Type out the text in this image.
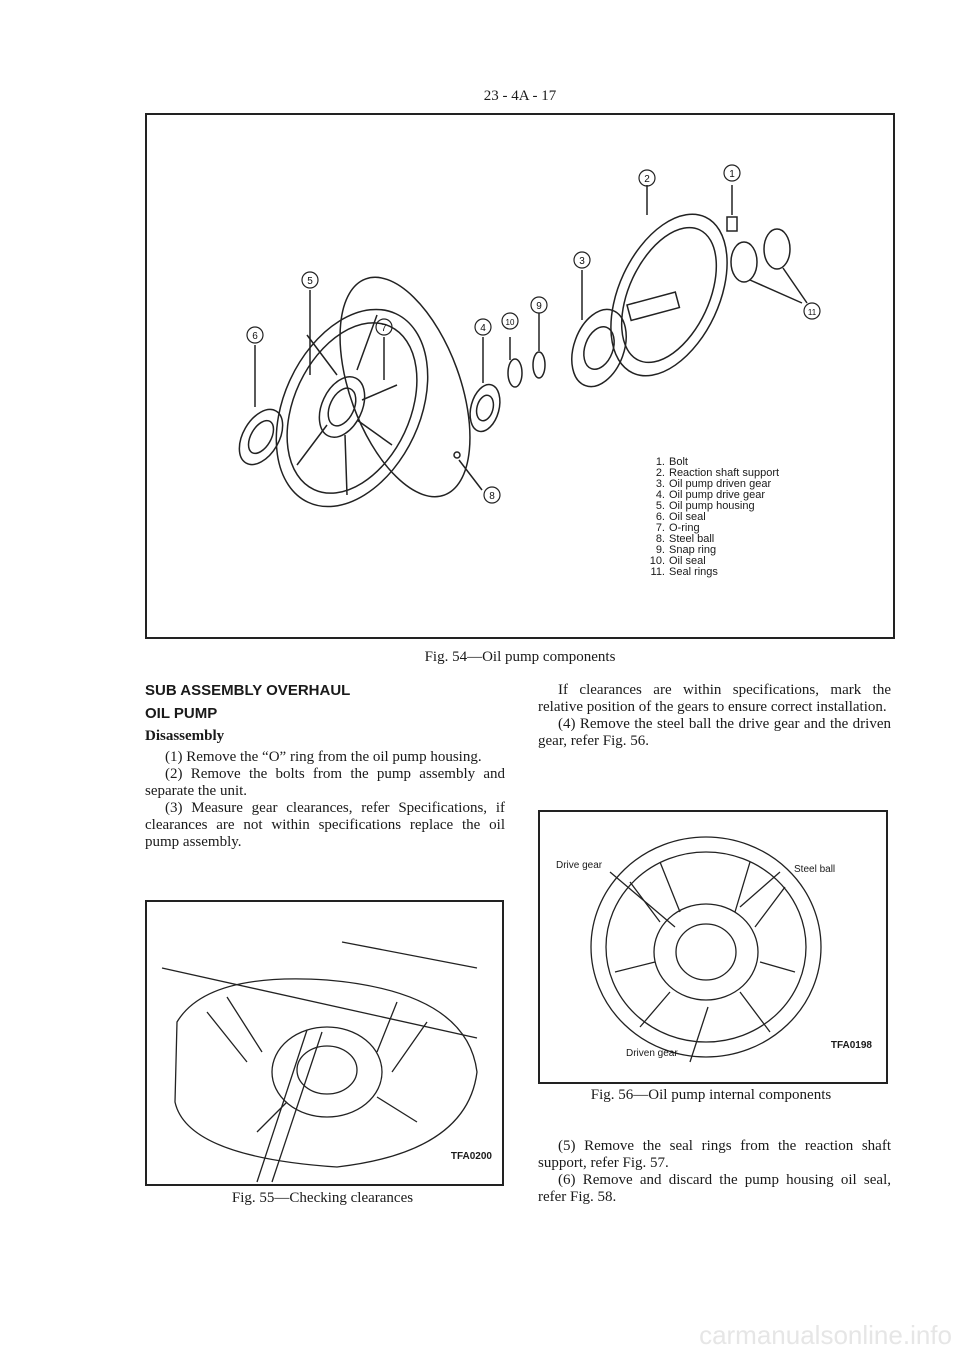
23 - 4A - 17
6
5
7
8
4
10
9
3
2	1
11
1. Bolt
2. Reaction shaft support
3. Oil pump driven gear
4. Oil pump drive gear
5. Oil pump housing
6. Oil seal
7. O-ring
8. Steel ball
9. Snap ring
10. Oil seal
11. Seal rings
Fig. 54—Oil pump components
SUB ASSEMBLY OVERHAUL
OIL PUMP
Disassembly

(1) Remove the “O” ring from the oil pump housing.

(2) Remove the bolts from the pump assembly and separate the unit.

(3) Measure gear clearances, refer Specifications, if clearances are not within specifications replace the oil pump assembly.

TFA0200
Fig. 55—Checking clearances

If clearances are within specifications, mark the relative position of the gears to ensure correct installation.

(4) Remove the steel ball the drive gear and the driven gear, refer Fig. 56.

Drive gear	Steel ball
Driven gear
TFA0198
Fig. 56—Oil pump internal components

(5) Remove the seal rings from the reaction shaft support, refer Fig. 57.

(6) Remove and discard the pump housing oil seal, refer Fig. 58.

carmanualsonline.info
